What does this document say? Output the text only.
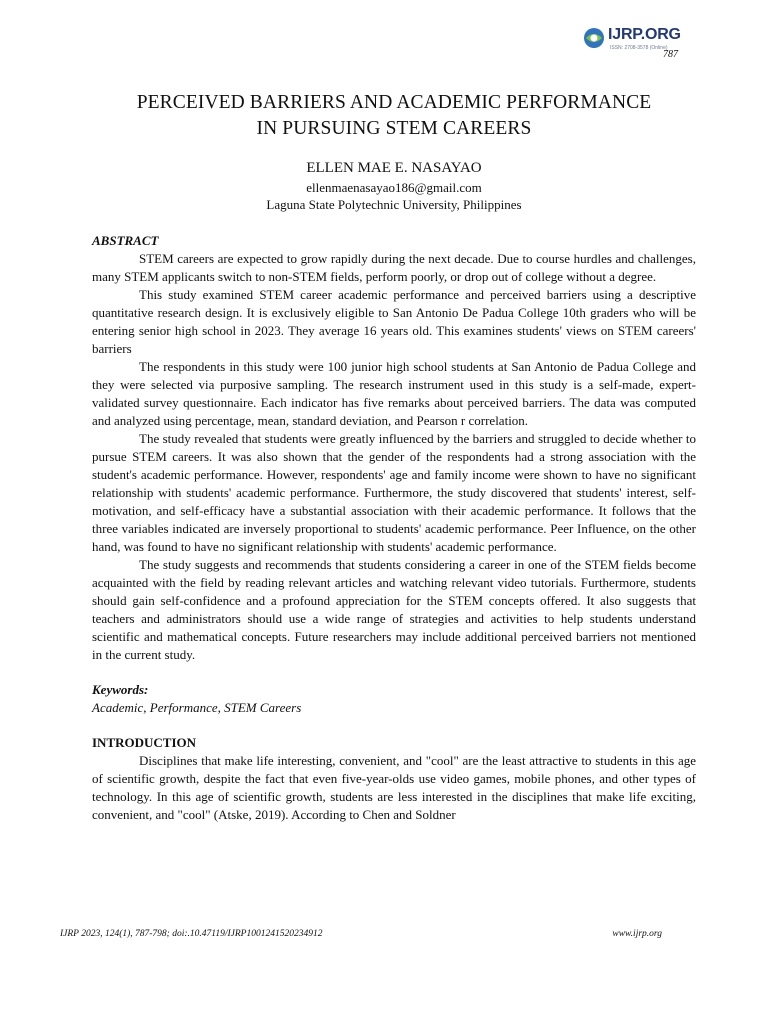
IJRP.ORG
ISSN: 2708-3578 (Online)
787
PERCEIVED BARRIERS AND ACADEMIC PERFORMANCE
IN PURSUING STEM CAREERS
ELLEN MAE E. NASAYAO
ellenmaenasayao186@gmail.com
Laguna State Polytechnic University, Philippines
ABSTRACT

STEM careers are expected to grow rapidly during the next decade. Due to course hurdles and challenges, many STEM applicants switch to non-STEM fields, perform poorly, or drop out of college without a degree.

This study examined STEM career academic performance and perceived barriers using a descriptive quantitative research design. It is exclusively eligible to San Antonio De Padua College 10th graders who will be entering senior high school in 2023. They average 16 years old. This examines students' views on STEM careers' barriers

The respondents in this study were 100 junior high school students at San Antonio de Padua College and they were selected via purposive sampling. The research instrument used in this study is a self-made, expert-validated survey questionnaire. Each indicator has five remarks about perceived barriers. The data was computed and analyzed using percentage, mean, standard deviation, and Pearson r correlation.

The study revealed that students were greatly influenced by the barriers and struggled to decide whether to pursue STEM careers. It was also shown that the gender of the respondents had a strong association with the student's academic performance. However, respondents' age and family income were shown to have no significant relationship with students' academic performance. Furthermore, the study discovered that students' interest, self-motivation, and self-efficacy have a substantial association with their academic performance. It follows that the three variables indicated are inversely proportional to students' academic performance. Peer Influence, on the other hand, was found to have no significant relationship with students' academic performance.

The study suggests and recommends that students considering a career in one of the STEM fields become acquainted with the field by reading relevant articles and watching relevant video tutorials. Furthermore, students should gain self-confidence and a profound appreciation for the STEM concepts offered. It also suggests that teachers and administrators should use a wide range of strategies and activities to help students understand scientific and mathematical concepts. Future researchers may include additional perceived barriers not mentioned in the current study.

Keywords:
Academic, Performance, STEM Careers
INTRODUCTION

Disciplines that make life interesting, convenient, and "cool" are the least attractive to students in this age of scientific growth, despite the fact that even five-year-olds use video games, mobile phones, and other types of technology. In this age of scientific growth, students are less interested in the disciplines that make life exciting, convenient, and "cool" (Atske, 2019). According to Chen and Soldner

IJRP 2023, 124(1), 787-798; doi:.10.47119/IJRP1001241520234912	www.ijrp.org
